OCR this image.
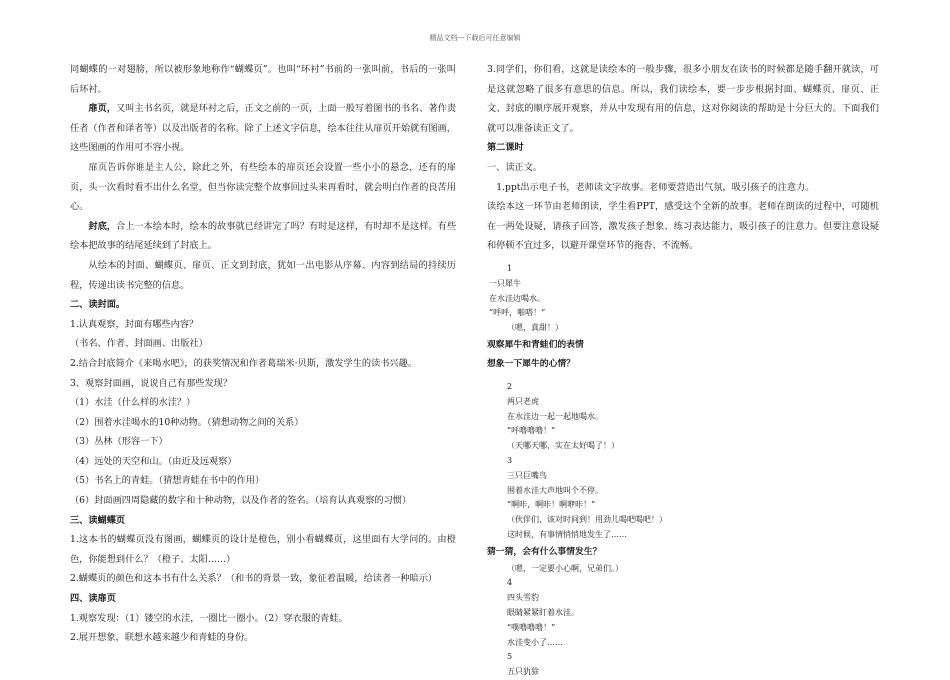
精品文档---下载后可任意编辑

同蝴蝶的一对翅膀，所以被形象地称作“蝴蝶页”。也叫“环衬”书前的一张叫前，书后的一张叫后环衬。

扉页，又叫主书名页，就是环衬之后，正文之前的一页，上面一般写着图书的书名、著作责任者（作者和译者等）以及出版者的名称。除了上述文字信息，绘本往往从扉页开始就有图画，这些图画的作用可不容小视。

扉页告诉你谁是主人公，除此之外，有些绘本的扉页还会设置一些小小的悬念，还有的扉页，头一次看时看不出什么名堂，但当你读完整个故事回过头来再看时，就会明白作者的良苦用心。

封底，合上一本绘本时，绘本的故事就已经讲完了吗？有时是这样，有时却不是这样。有些绘本把故事的结尾延续到了封底上。

从绘本的封面、蝴蝶页、扉页、正文到封底，犹如一出电影从序幕、内容到结局的持续历程，传递出读书完整的信息。

二、读封面。

1.认真观察，封面有哪些内容？

（书名、作者、封面画、出版社）

2.结合封底简介《来喝水吧》，的获奖情况和作者葛瑞米·贝斯，激发学生的读书兴趣。

3、观察封面画，说说自己有那些发现？

（1）水洼（什么样的水洼？）

（2）围着水洼喝水的10种动物。（猜想动物之间的关系）

（3）丛林（形容一下）

（4）远处的天空和山。（由近及远观察）

（5）书名上的青蛙。（猜想青蛙在书中的作用）

（6）封面画四周隐藏的数字和十种动物，以及作者的签名。（培育认真观察的习惯）

三、读蝴蝶页

1.这本书的蝴蝶页没有图画，蝴蝶页的设计是橙色，别小看蝴蝶页，这里面有大学问的。由橙色，你能想到什么？（橙子、太阳……）

2.蝴蝶页的颜色和这本书有什么关系？（和书的背景一致，象征着温暖，给读者一种暗示）

四、读扉页

1.观察发现：（1）镂空的水洼，一圈比一圈小。（2）穿衣服的青蛙。

2.展开想象，联想水越来越少和青蛙的身份。

3.同学们，你们看，这就是读绘本的一般步骤，很多小朋友在读书的时候都是随手翻开就读，可是这就忽略了很多有意思的信息。所以，我们读绘本，要一步步根据封面、蝴蝶页、扉页、正文、封底的顺序展开观察，并从中发现有用的信息，这对你阅读的帮助是十分巨大的。下面我们就可以准备读正文了。

第二课时

一、读正文。

1.ppt出示电子书，老师读文字故事。老师要营造出气氛，吸引孩子的注意力。

读绘本这一环节由老师朗读，学生看PPT，感受这个全新的故事。老师在朗读的过程中，可随机在一两处设疑，请孩子回答，激发孩子想象、练习表达能力，吸引孩子的注意力。但要注意设疑和停顿不宜过多，以避开课堂环节的拖沓、不流畅。

1

一只犀牛

在水洼边喝水。

“呼呼，啪嗒！”

（嗯，真甜！）

观察犀牛和青蛙们的表情

想象一下犀牛的心情？

2

两只老虎

在水洼边一起一起地喝水。

“呼噜噜噜！”

（天哪天哪，实在太好喝了！）

3

三只巨嘴鸟

围着水洼大声地叫个不停。

“啊咔，啊咔！啊咿咔！”

（伙伴们，该对时间到！用劲儿喝吧喝吧！）

这时候，有事情悄悄地发生了……

猜一猜，会有什么事情发生？

（嗯，一定要小心啊，兄弟们。）

4

四头雪豹

眼睛紧紧盯着水洼。

“噗噜噜噜！”

水洼变小了……

5

五只犰狳
